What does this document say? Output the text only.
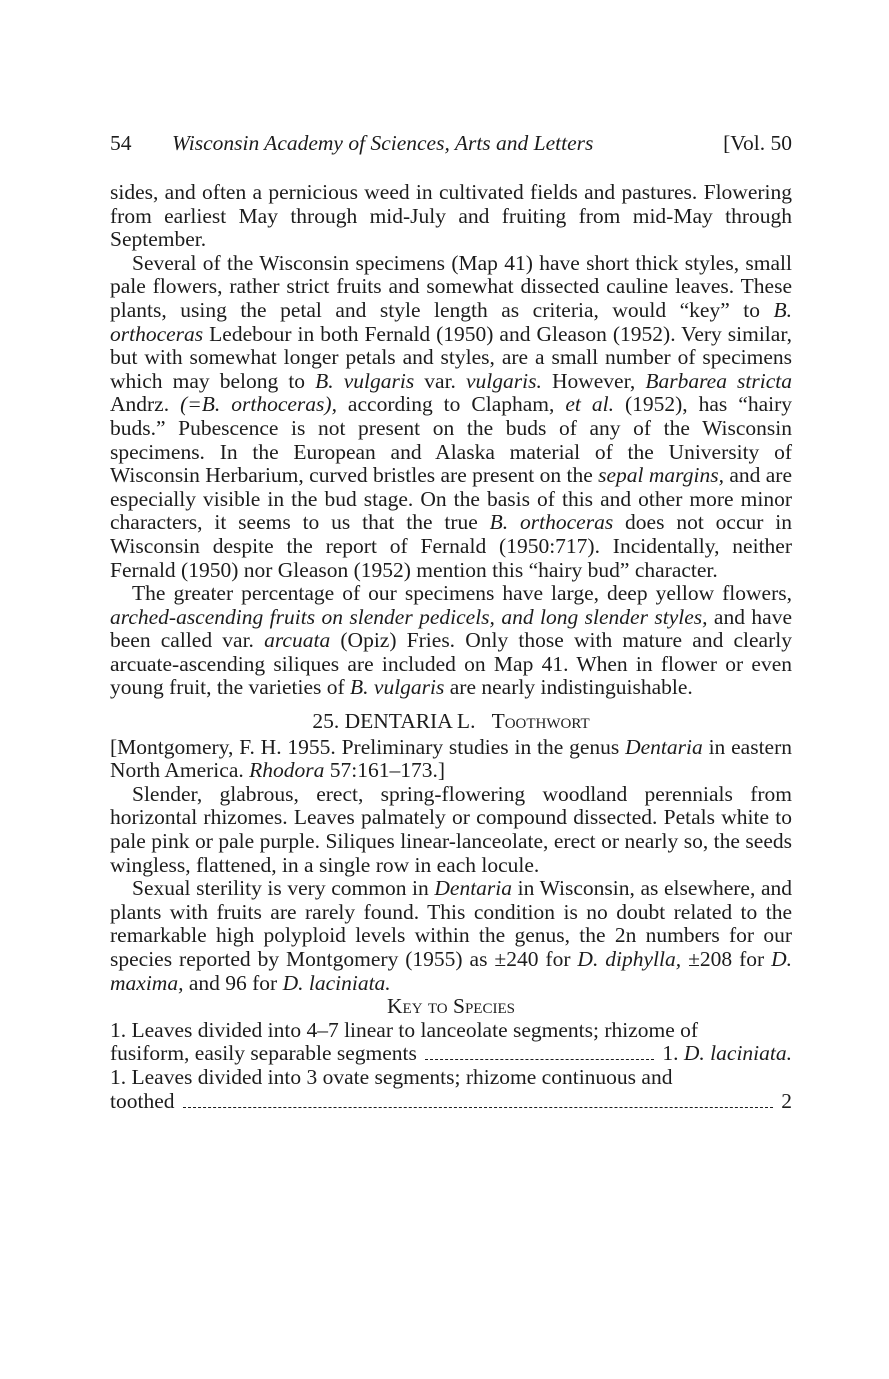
54 Wisconsin Academy of Sciences, Arts and Letters	[Vol. 50

sides, and often a pernicious weed in cultivated fields and pastures. Flowering from earliest May through mid-July and fruiting from mid-May through September.

Several of the Wisconsin specimens (Map 41) have short thick styles, small pale flowers, rather strict fruits and somewhat dissected cauline leaves. These plants, using the petal and style length as criteria, would “key” to B. orthoceras Ledebour in both Fernald (1950) and Gleason (1952). Very similar, but with somewhat longer petals and styles, are a small number of specimens which may belong to B. vulgaris var. vulgaris. However, Barbarea stricta Andrz. (=B. orthoceras), according to Clapham, et al. (1952), has “hairy buds.” Pubescence is not present on the buds of any of the Wisconsin specimens. In the European and Alaska material of the University of Wisconsin Herbarium, curved bristles are present on the sepal margins, and are especially visible in the bud stage. On the basis of this and other more minor characters, it seems to us that the true B. orthoceras does not occur in Wisconsin despite the report of Fernald (1950:717). Incidentally, neither Fernald (1950) nor Gleason (1952) mention this “hairy bud” character.

The greater percentage of our specimens have large, deep yellow flowers, arched-ascending fruits on slender pedicels, and long slender styles, and have been called var. arcuata (Opiz) Fries. Only those with mature and clearly arcuate-ascending siliques are included on Map 41. When in flower or even young fruit, the varieties of B. vulgaris are nearly indistinguishable.

25. DENTARIA L. Toothwort

[Montgomery, F. H. 1955. Preliminary studies in the genus Dentaria in eastern North America. Rhodora 57:161–173.]

Slender, glabrous, erect, spring-flowering woodland perennials from horizontal rhizomes. Leaves palmately or compound dissected. Petals white to pale pink or pale purple. Siliques linear-lanceolate, erect or nearly so, the seeds wingless, flattened, in a single row in each locule.

Sexual sterility is very common in Dentaria in Wisconsin, as elsewhere, and plants with fruits are rarely found. This condition is no doubt related to the remarkable high polyploid levels within the genus, the 2n numbers for our species reported by Montgomery (1955) as ±240 for D. diphylla, ±208 for D. maxima, and 96 for D. laciniata.

Key to Species

1. Leaves divided into 4–7 linear to lanceolate segments; rhizome of

fusiform, easily separable segments	1. D. laciniata.

1. Leaves divided into 3 ovate segments; rhizome continuous and

toothed	2
